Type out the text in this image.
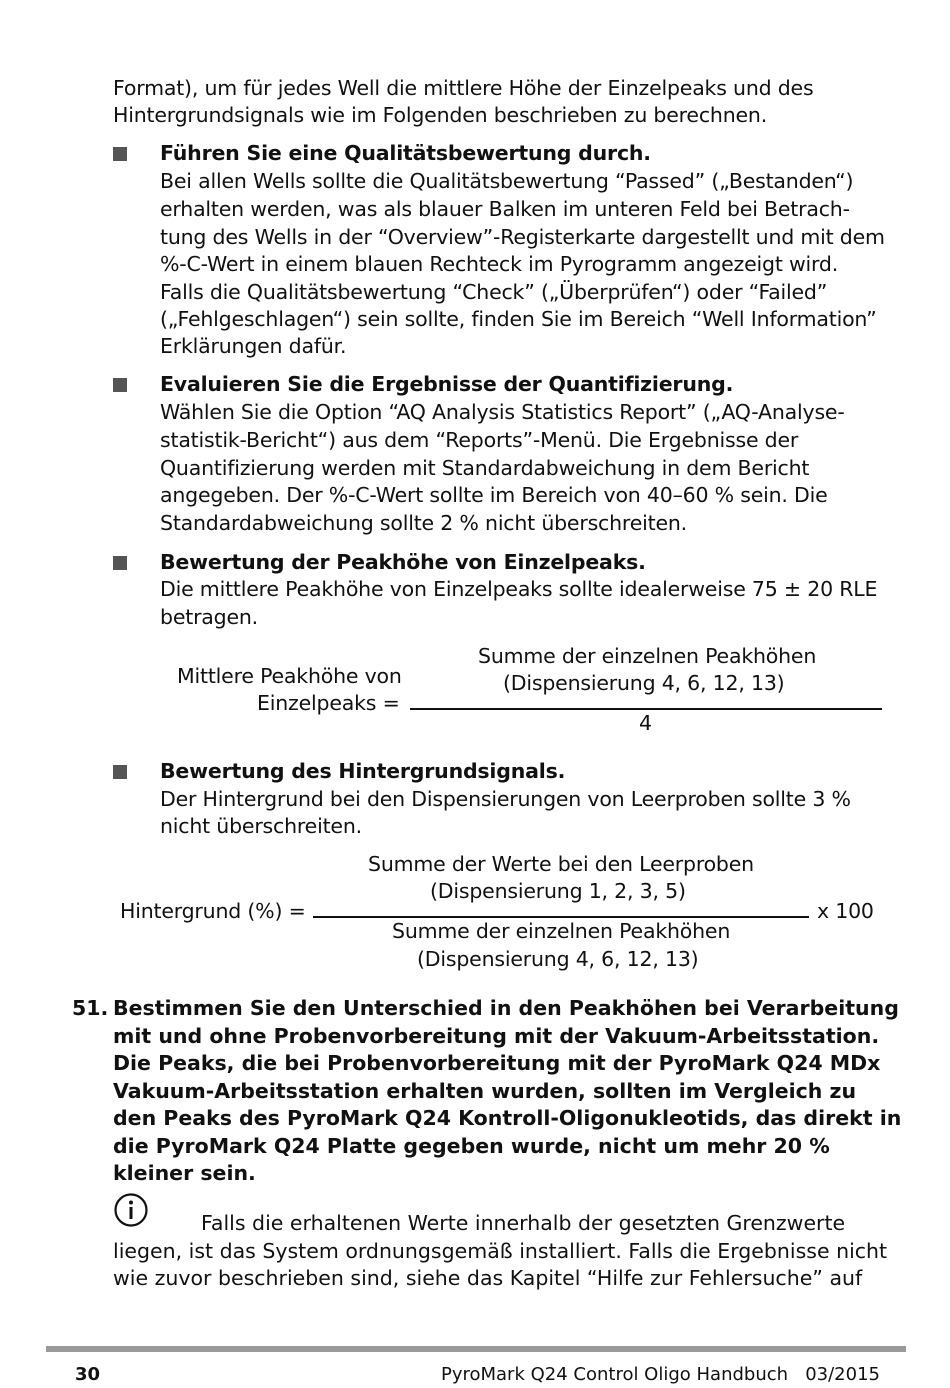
Format), um für jedes Well die mittlere Höhe der Einzelpeaks und des

Hintergrundsignals wie im Folgenden beschrieben zu berechnen.

Führen Sie eine Qualitätsbewertung durch.

Bei allen Wells sollte die Qualitätsbewertung “Passed” („Bestanden“)

erhalten werden, was als blauer Balken im unteren Feld bei Betrach-

tung des Wells in der “Overview”-Registerkarte dargestellt und mit dem

%-C-Wert in einem blauen Rechteck im Pyrogramm angezeigt wird.

Falls die Qualitätsbewertung “Check” („Überprüfen“) oder “Failed”

(„Fehlgeschlagen“) sein sollte, finden Sie im Bereich “Well Information”

Erklärungen dafür.

Evaluieren Sie die Ergebnisse der Quantifizierung.

Wählen Sie die Option “AQ Analysis Statistics Report” („AQ-Analyse-

statistik-Bericht“) aus dem “Reports”-Menü. Die Ergebnisse der

Quantifizierung werden mit Standardabweichung in dem Bericht

angegeben. Der %-C-Wert sollte im Bereich von 40–60 % sein. Die

Standardabweichung sollte 2 % nicht überschreiten.

Bewertung der Peakhöhe von Einzelpeaks.

Die mittlere Peakhöhe von Einzelpeaks sollte idealerweise 75 ± 20 RLE

betragen.

Mittlere Peakhöhe von

Einzelpeaks =

Summe der einzelnen Peakhöhen

(Dispensierung 4, 6, 12, 13)

4

Bewertung des Hintergrundsignals.

Der Hintergrund bei den Dispensierungen von Leerproben sollte 3 %

nicht überschreiten.

Summe der Werte bei den Leerproben

(Dispensierung 1, 2, 3, 5)

Hintergrund (%) =	x 100

Summe der einzelnen Peakhöhen

(Dispensierung 4, 6, 12, 13)

51. Bestimmen Sie den Unterschied in den Peakhöhen bei Verarbeitung mit und ohne Probenvorbereitung mit der Vakuum-Arbeitsstation. Die Peaks, die bei Probenvorbereitung mit der PyroMark Q24 MDx Vakuum-Arbeitsstation erhalten wurden, sollten im Vergleich zu den Peaks des PyroMark Q24 Kontroll-Oligonukleotids, das direkt in die PyroMark Q24 Platte gegeben wurde, nicht um mehr 20 % kleiner sein.

Falls die erhaltenen Werte innerhalb der gesetzten Grenzwerte liegen, ist das System ordnungsgemäß installiert. Falls die Ergebnisse nicht wie zuvor beschrieben sind, siehe das Kapitel “Hilfe zur Fehlersuche” auf

30	PyroMark Q24 Control Oligo Handbuch   03/2015
